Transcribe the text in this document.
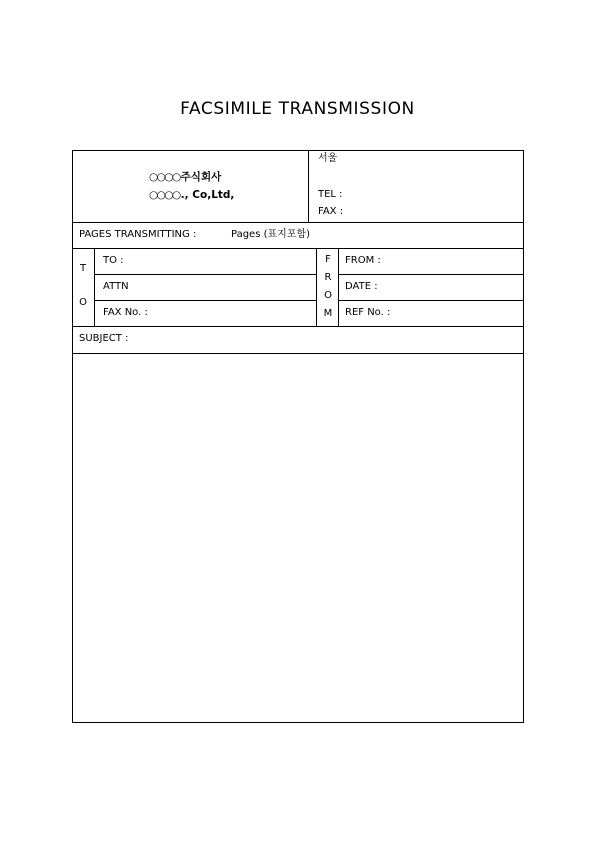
FACSIMILE TRANSMISSION
○○○○주식회사
○○○○., Co,Ltd,
서울
TEL :
FAX :
PAGES TRANSMITTING :	Pages (표지포함)
T
O
TO :
ATTN
FAX No. :
F
R
O
M
FROM :
DATE :
REF No. :
SUBJECT :
